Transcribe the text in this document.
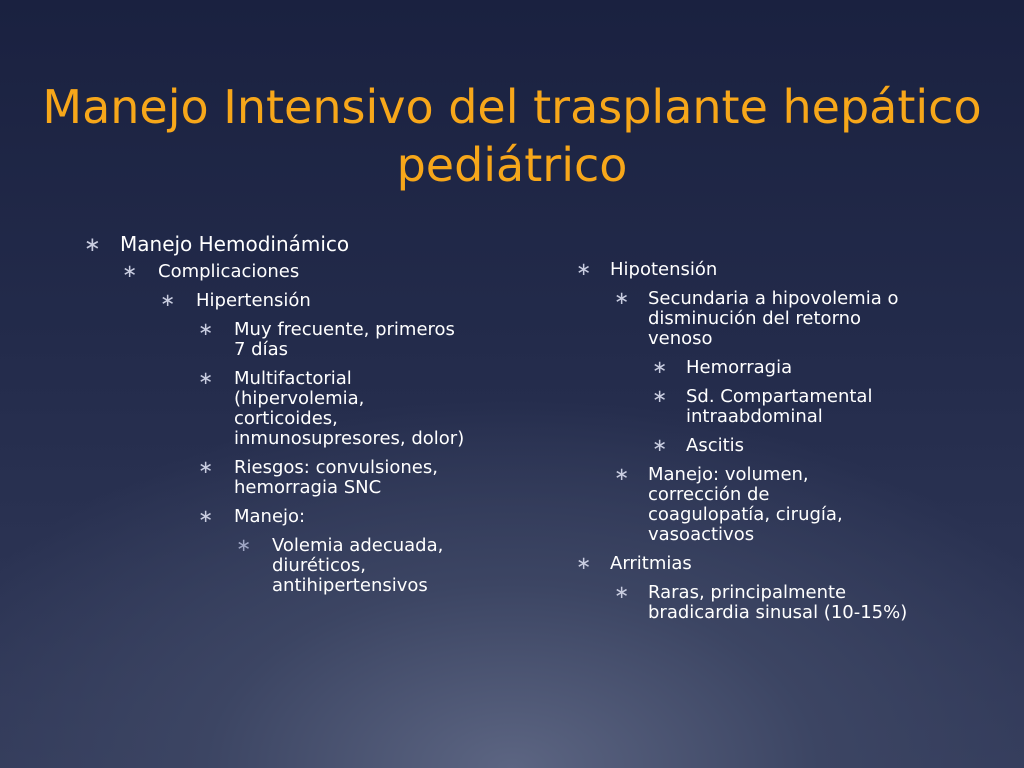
Manejo Intensivo del trasplante hepático pediátrico
∗ Manejo Hemodinámico
∗ Complicaciones
∗ Hipertensión
∗ Muy frecuente, primeros
7 días
∗ Multifactorial
(hipervolemia,
corticoides,
inmunosupresores, dolor)
∗ Riesgos: convulsiones,
hemorragia SNC
∗ Manejo:
∗ Volemia adecuada,
diuréticos,
antihipertensivos
∗ Hipotensión
∗ Secundaria a hipovolemia o
disminución del retorno
venoso
∗ Hemorragia
∗ Sd. Compartamental
intraabdominal
∗ Ascitis
∗ Manejo: volumen,
corrección de
coagulopatía, cirugía,
vasoactivos
∗ Arritmias
∗ Raras, principalmente
bradicardia sinusal (10-15%)
